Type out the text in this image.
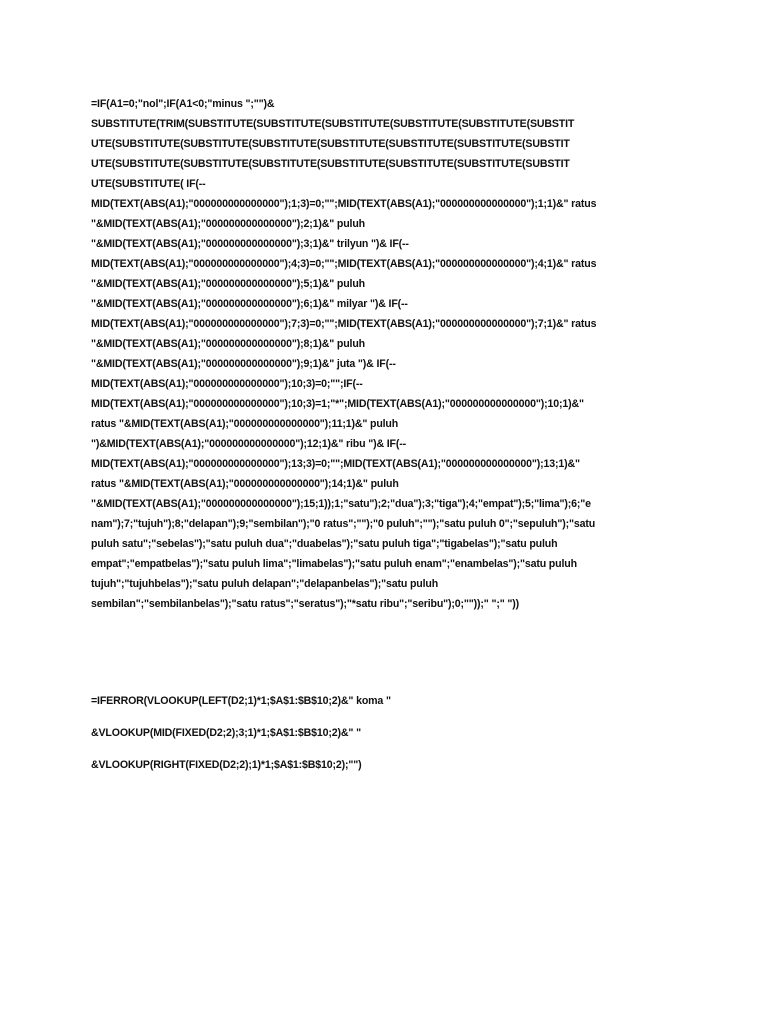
=IF(A1=0;"nol";IF(A1<0;"minus ";"")&
SUBSTITUTE(TRIM(SUBSTITUTE(SUBSTITUTE(SUBSTITUTE(SUBSTITUTE(SUBSTITUTE(SUBSTIT
UTE(SUBSTITUTE(SUBSTITUTE(SUBSTITUTE(SUBSTITUTE(SUBSTITUTE(SUBSTITUTE(SUBSTIT
UTE(SUBSTITUTE(SUBSTITUTE(SUBSTITUTE(SUBSTITUTE(SUBSTITUTE(SUBSTITUTE(SUBSTIT
UTE(SUBSTITUTE( IF(--
MID(TEXT(ABS(A1);"000000000000000");1;3)=0;"";MID(TEXT(ABS(A1);"000000000000000");1;1)&" ratus
"&MID(TEXT(ABS(A1);"000000000000000");2;1)&" puluh
"&MID(TEXT(ABS(A1);"000000000000000");3;1)&" trilyun ")& IF(--
MID(TEXT(ABS(A1);"000000000000000");4;3)=0;"";MID(TEXT(ABS(A1);"000000000000000");4;1)&" ratus
"&MID(TEXT(ABS(A1);"000000000000000");5;1)&" puluh
"&MID(TEXT(ABS(A1);"000000000000000");6;1)&" milyar ")& IF(--
MID(TEXT(ABS(A1);"000000000000000");7;3)=0;"";MID(TEXT(ABS(A1);"000000000000000");7;1)&" ratus
"&MID(TEXT(ABS(A1);"000000000000000");8;1)&" puluh
"&MID(TEXT(ABS(A1);"000000000000000");9;1)&" juta ")& IF(--
MID(TEXT(ABS(A1);"000000000000000");10;3)=0;"";IF(--
MID(TEXT(ABS(A1);"000000000000000");10;3)=1;"*";MID(TEXT(ABS(A1);"000000000000000");10;1)&"
ratus "&MID(TEXT(ABS(A1);"000000000000000");11;1)&" puluh
")&MID(TEXT(ABS(A1);"000000000000000");12;1)&" ribu ")& IF(--
MID(TEXT(ABS(A1);"000000000000000");13;3)=0;"";MID(TEXT(ABS(A1);"000000000000000");13;1)&"
ratus "&MID(TEXT(ABS(A1);"000000000000000");14;1)&" puluh
"&MID(TEXT(ABS(A1);"000000000000000");15;1));1;"satu");2;"dua");3;"tiga");4;"empat");5;"lima");6;"e
nam");7;"tujuh");8;"delapan");9;"sembilan");"0 ratus";"");"0 puluh";"");"satu puluh 0";"sepuluh");"satu
puluh satu";"sebelas");"satu puluh dua";"duabelas");"satu puluh tiga";"tigabelas");"satu puluh
empat";"empatbelas");"satu puluh lima";"limabelas");"satu puluh enam";"enambelas");"satu puluh
tujuh";"tujuhbelas");"satu puluh delapan";"delapanbelas");"satu puluh
sembilan";"sembilanbelas");"satu ratus";"seratus");"*satu ribu";"seribu");0;""));" ";" "))
=IFERROR(VLOOKUP(LEFT(D2;1)*1;$A$1:$B$10;2)&" koma "
&VLOOKUP(MID(FIXED(D2;2);3;1)*1;$A$1:$B$10;2)&" "
&VLOOKUP(RIGHT(FIXED(D2;2);1)*1;$A$1:$B$10;2);"")
